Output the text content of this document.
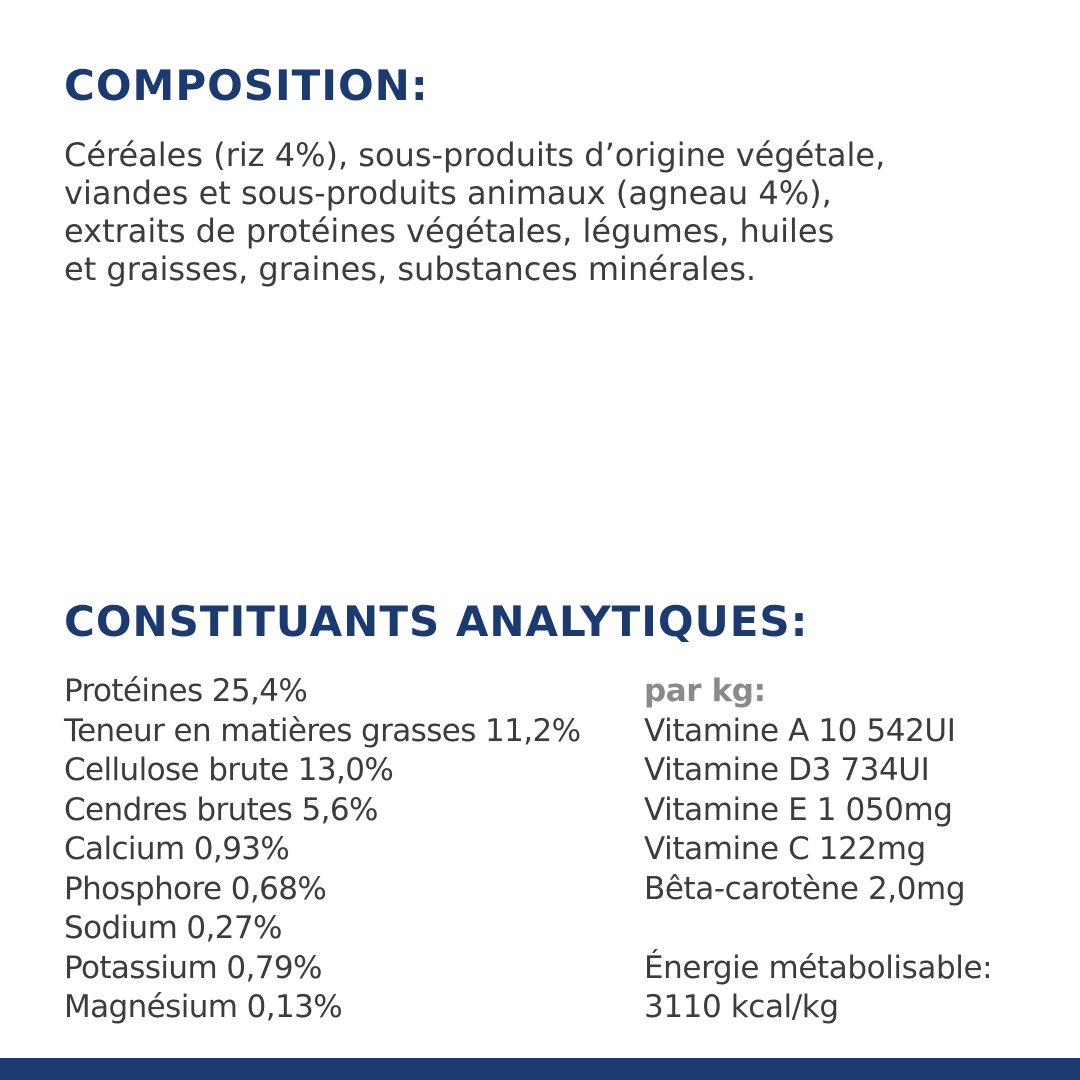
COMPOSITION:

Céréales (riz 4%), sous-produits d’origine végétale,
viandes et sous-produits animaux (agneau 4%),
extraits de protéines végétales, légumes, huiles
et graisses, graines, substances minérales.

CONSTITUANTS ANALYTIQUES:
Protéines 25,4%
Teneur en matières grasses 11,2%
Cellulose brute 13,0%
Cendres brutes 5,6%
Calcium 0,93%
Phosphore 0,68%
Sodium 0,27%
Potassium 0,79%
Magnésium 0,13%
par kg:
Vitamine A 10 542UI
Vitamine D3 734UI
Vitamine E 1 050mg
Vitamine C 122mg
Bêta-carotène 2,0mg
Énergie métabolisable:
3110 kcal/kg
